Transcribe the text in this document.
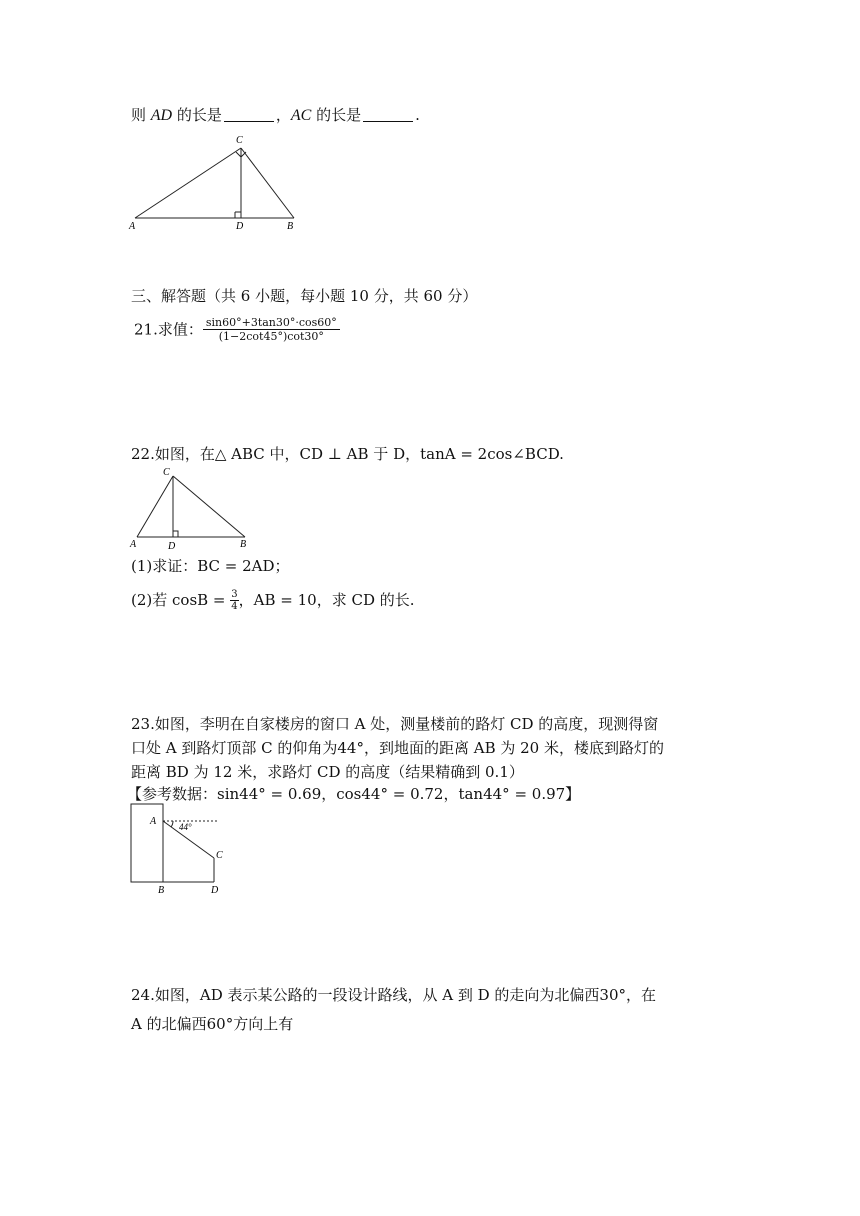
则 AD 的长是	，AC 的长是	.
C
A	D	B
三、解答题（共 6 小题，每小题 10 分，共 60 分）
21.求值： $\frac{\sin 60^\circ+3\tan 30^\circ\cdot\cos 60^\circ}{(1-2\cot 45^\circ)\cot 30^\circ}$
22.如图，在△ ABC 中，CD ⊥ AB 于 D，tanA = 2cos∠BCD.
C
A	D	B
(1)求证：BC = 2AD；
(2)若 $\cos B = \frac{3}{4}$ ，AB = 10，求 CD 的长.
23.如图，李明在自家楼房的窗口 A 处，测量楼前的路灯 CD 的高度，现测得窗
口处 A 到路灯顶部 C 的仰角为44°，到地面的距离 AB 为 20 米，楼底到路灯的
距离 BD 为 12 米，求路灯 CD 的高度（结果精确到 0.1）
【参考数据：sin44° = 0.69，cos44° = 0.72，tan44° = 0.97】
A	44°
C
B	D
24.如图，AD 表示某公路的一段设计路线，从 A 到 D 的走向为北偏西30°，在
A 的北偏西60°方向上有
